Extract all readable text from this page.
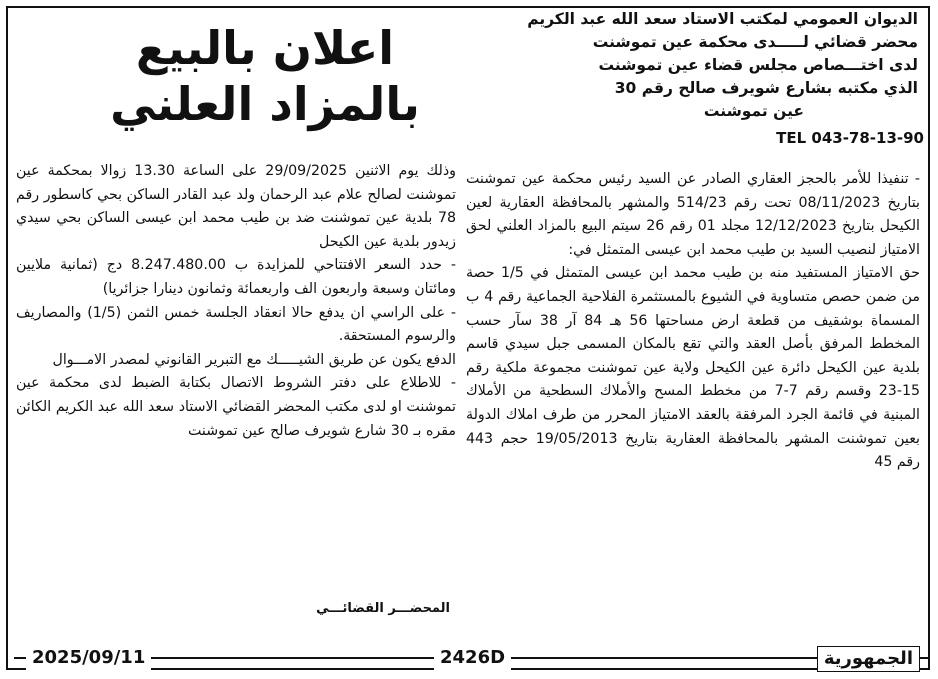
الديوان العمومي لمكتب الاستاد سعد الله عبد الكريم
محضر قضائي لـــــدى محكمة عين تموشنت
لدى اختـــصاص مجلس قضاء عين تموشنت
الذي مكتبه بشارع شويرف صالح رقم 30
عين تموشنت
TEL 043-78-13-90
اعلان بالبيع
بالمزاد العلني

- تنفيذا للأمر بالحجز العقاري الصادر عن السيد رئيس محكمة عين تموشنت بتاريخ 08/11/2023 تحت رقم 514/23 والمشهر بالمحافظة العقارية لعين الكيحل بتاريخ 12/12/2023 مجلد 01 رقم 26 سيتم البيع بالمزاد العلني لحق الامتياز لنصيب السيد بن طيب محمد ابن عيسى المتمثل في:

حق الامتياز المستفيد منه بن طيب محمد ابن عيسى المتمثل في 1/5 حصة من ضمن حصص متساوية في الشيوع بالمستثمرة الفلاحية الجماعية رقم 4 ب المسماة بوشقيف من قطعة ارض مساحتها 56 هـ 84 آر 38 سآر حسب المخطط المرفق بأصل العقد والتي تقع بالمكان المسمى جبل سيدي قاسم بلدية عين الكيحل دائرة عين الكيحل ولاية عين تموشنت مجموعة ملكية رقم 15-23 وقسم رقم 7-7 من مخطط المسح والأملاك السطحية من الأملاك المبنية في قائمة الجرد المرفقة بالعقد الامتياز المحرر من طرف املاك الدولة بعين تموشنت المشهر بالمحافظة العقارية بتاريخ 19/05/2013 حجم 443 رقم 45

وذلك يوم الاثنين 29/09/2025 على الساعة 13.30 زوالا بمحكمة عين تموشنت لصالح علام عبد الرحمان ولد عبد القادر الساكن بحي كاسطور رقم 78 بلدية عين تموشنت ضد بن طيب محمد ابن عيسى الساكن بحي سيدي زيدور بلدية عين الكيحل

- حدد السعر الافتتاحي للمزايدة ب 8.247.480.00 دج (ثمانية ملايين ومائتان وسبعة واربعون الف واربعمائة وثمانون دينارا جزائريا)

- على الراسي ان يدفع حالا انعقاد الجلسة خمس الثمن (1/5) والمصاريف والرسوم المستحقة.

الدفع يكون عن طريق الشيـــــك مع التبرير القانوني لمصدر الامـــوال

- للاطلاع على دفتر الشروط الاتصال بكتابة الضبط لدى محكمة عين تموشنت او لدى مكتب المحضر القضائي الاستاد سعد الله عبد الكريم الكائن مقره بـ 30 شارع شويرف صالح عين تموشنت

المحضـــر القضائـــي
2025/09/11	2426D	الجمهورية
